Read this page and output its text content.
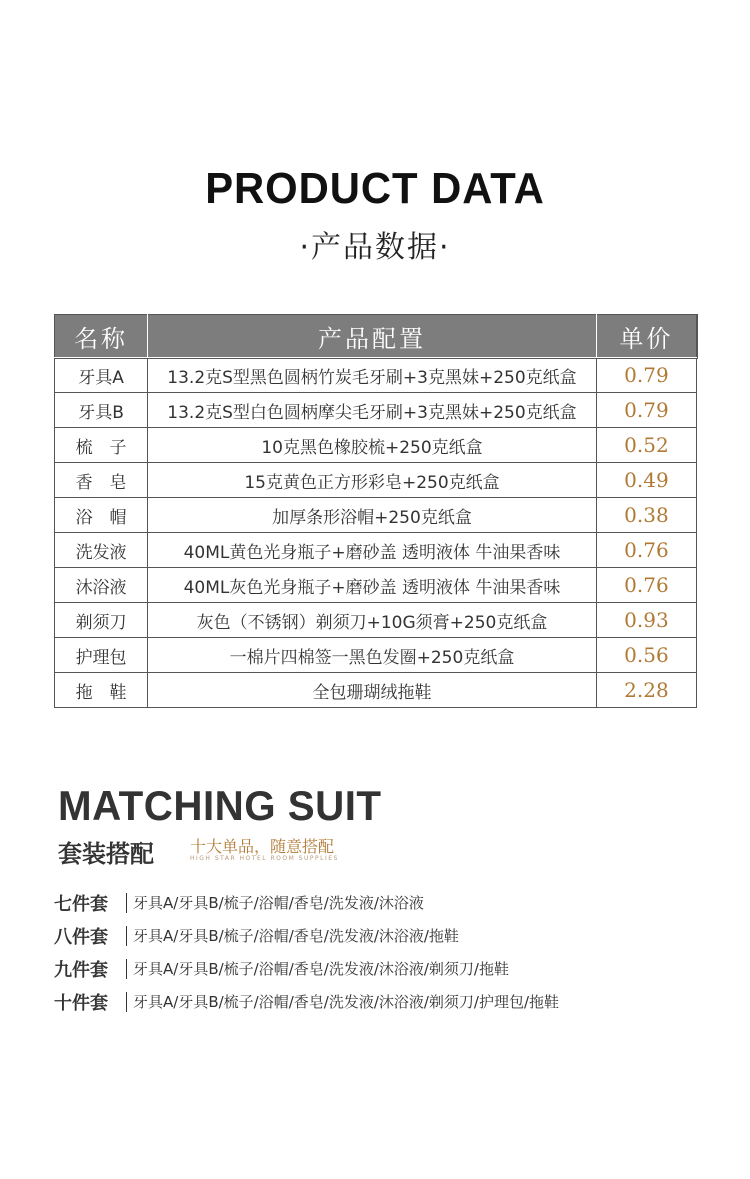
PRODUCT DATA
·产品数据·
名称	产品配置	单价
牙具A	13.2克S型黑色圆柄竹炭毛牙刷+3克黑妹+250克纸盒	0.79
牙具B	13.2克S型白色圆柄摩尖毛牙刷+3克黑妹+250克纸盒	0.79
梳　子	10克黑色橡胶梳+250克纸盒	0.52
香　皂	15克黄色正方形彩皂+250克纸盒	0.49
浴　帽	加厚条形浴帽+250克纸盒	0.38
洗发液	40ML黄色光身瓶子+磨砂盖 透明液体 牛油果香味	0.76
沐浴液	40ML灰色光身瓶子+磨砂盖 透明液体 牛油果香味	0.76
剃须刀	灰色（不锈钢）剃须刀+10G须膏+250克纸盒	0.93
护理包	一棉片四棉签一黑色发圈+250克纸盒	0.56
拖　鞋	全包珊瑚绒拖鞋	2.28
MATCHING SUIT
套装搭配 十大单品，随意搭配
HIGH STAR HOTEL ROOM SUPPLIES
七件套	牙具A/牙具B/梳子/浴帽/香皂/洗发液/沐浴液
八件套	牙具A/牙具B/梳子/浴帽/香皂/洗发液/沐浴液/拖鞋
九件套	牙具A/牙具B/梳子/浴帽/香皂/洗发液/沐浴液/剃须刀/拖鞋
十件套	牙具A/牙具B/梳子/浴帽/香皂/洗发液/沐浴液/剃须刀/护理包/拖鞋
